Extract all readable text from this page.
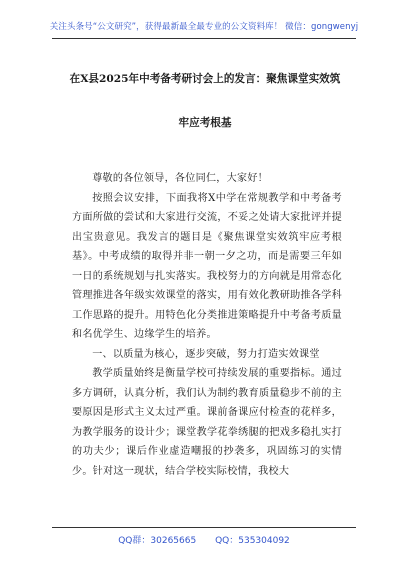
关注头条号“公文研究”，获得最新最全最专业的公文资料库！ 微信：gongwenyj
在X县2025年中考备考研讨会上的发言：聚焦课堂实效筑
牢应考根基

尊敬的各位领导，各位同仁，大家好！

按照会议安排，下面我将X中学在常规教学和中考备考方面所做的尝试和大家进行交流，不妥之处请大家批评并提出宝贵意见。我发言的题目是《聚焦课堂实效筑牢应考根基》。中考成绩的取得并非一朝一夕之功，而是需要三年如一日的系统规划与扎实落实。我校努力的方向就是用常态化管理推进各年级实效课堂的落实，用有效化教研助推各学科工作思路的提升。用特色化分类推进策略提升中考备考质量和名优学生、边缘学生的培养。

一、以质量为核心，逐步突破，努力打造实效课堂

教学质量始终是衡量学校可持续发展的重要指标。通过多方调研，认真分析，我们认为制约教育质量稳步不前的主要原因是形式主义太过严重。课前备课应付检查的花样多，为教学服务的设计少；课堂教学花拳绣腿的把戏多稳扎实打的功夫少；课后作业虚造嘲报的抄袭多，巩固练习的实情少。针对这一现状，结合学校实际校情，我校大

QQ群：30265665 QQ：535304092
